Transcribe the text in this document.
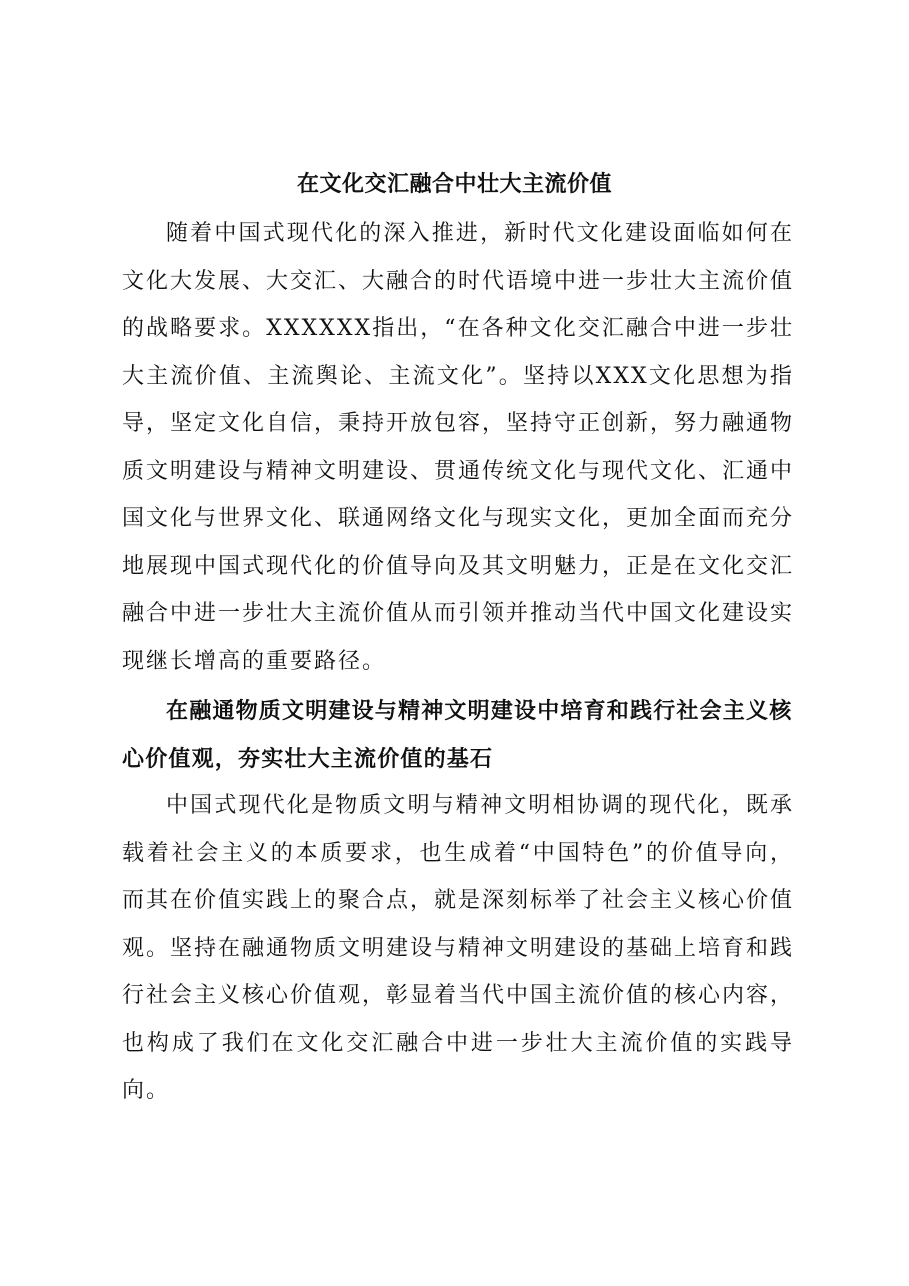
在文化交汇融合中壮大主流价值

随着中国式现代化的深入推进，新时代文化建设面临如何在文化大发展、大交汇、大融合的时代语境中进一步壮大主流价值的战略要求。XXXXXX指出，“在各种文化交汇融合中进一步壮大主流价值、主流舆论、主流文化”。坚持以XXX文化思想为指导，坚定文化自信，秉持开放包容，坚持守正创新，努力融通物质文明建设与精神文明建设、贯通传统文化与现代文化、汇通中国文化与世界文化、联通网络文化与现实文化，更加全面而充分地展现中国式现代化的价值导向及其文明魅力，正是在文化交汇融合中进一步壮大主流价值从而引领并推动当代中国文化建设实现继长增高的重要路径。

在融通物质文明建设与精神文明建设中培育和践行社会主义核心价值观，夯实壮大主流价值的基石

中国式现代化是物质文明与精神文明相协调的现代化，既承载着社会主义的本质要求，也生成着“中国特色”的价值导向，而其在价值实践上的聚合点，就是深刻标举了社会主义核心价值观。坚持在融通物质文明建设与精神文明建设的基础上培育和践行社会主义核心价值观，彰显着当代中国主流价值的核心内容，也构成了我们在文化交汇融合中进一步壮大主流价值的实践导向。
